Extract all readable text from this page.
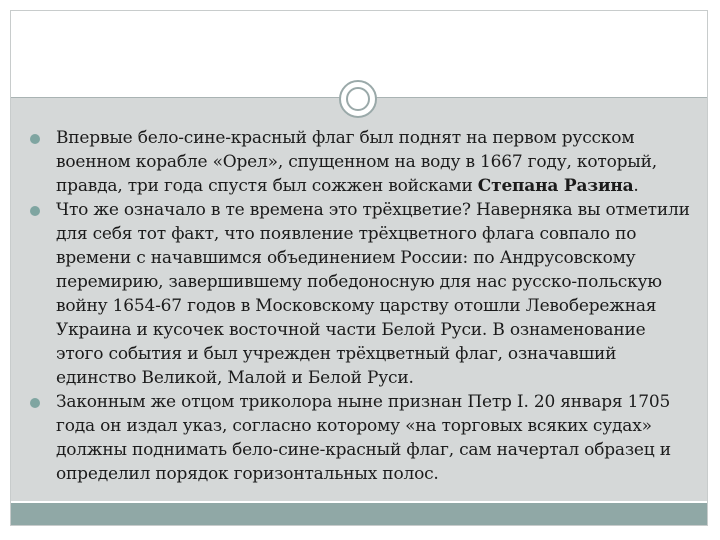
Впервые бело-сине-красный флаг был поднят на первом русском военном корабле «Орел», спущенном на воду в 1667 году, который, правда, три года спустя был сожжен войсками Степана Разина.
Что же означало в те времена это трёхцветие? Наверняка вы отметили для себя тот факт, что появление трёхцветного флага совпало по времени с начавшимся объединением России: по Андрусовскому перемирию, завершившему победоносную для нас русско-польскую войну 1654-67 годов в Московскому царству отошли Левобережная Украина и кусочек восточной части Белой Руси. В ознаменование этого события и был учрежден трёхцветный флаг, означавший единство Великой, Малой и Белой Руси.
Законным же отцом триколора ныне признан Петр I. 20 января 1705 года он издал указ, согласно которому «на торговых всяких судах» должны поднимать бело-сине-красный флаг, сам начертал образец и определил порядок горизонтальных полос.
